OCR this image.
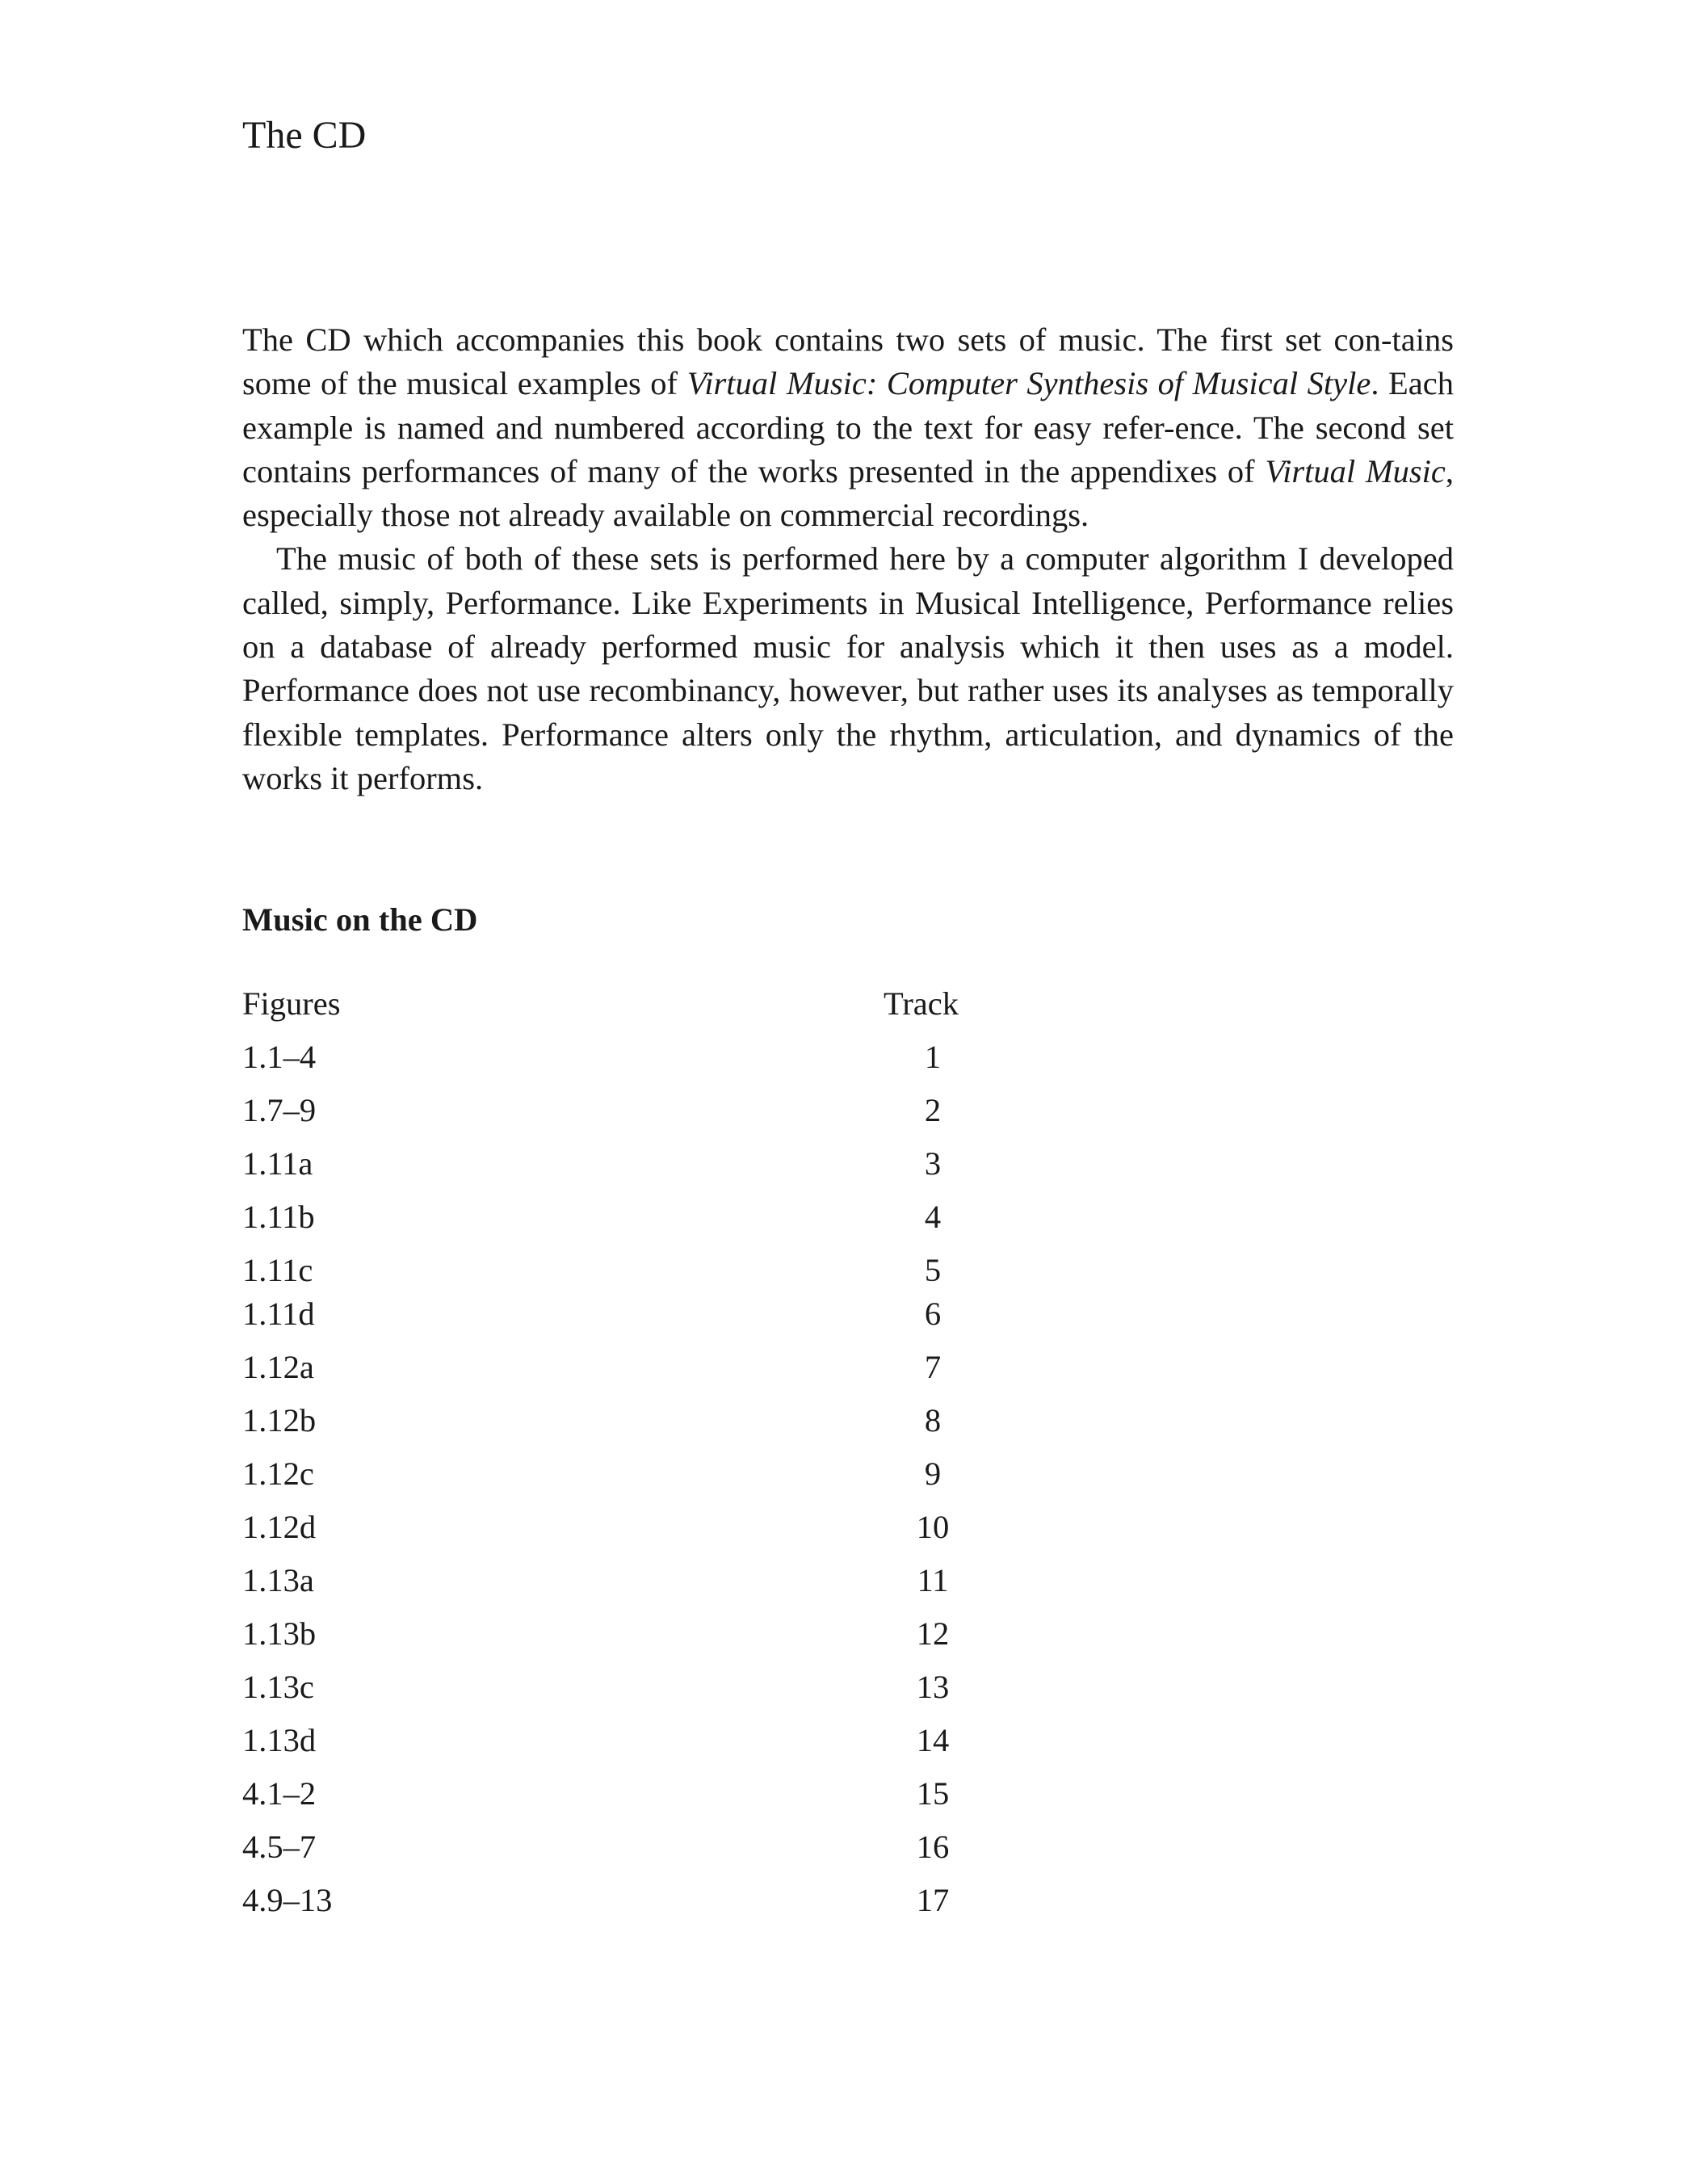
The CD

The CD which accompanies this book contains two sets of music. The first set con-tains some of the musical examples of Virtual Music: Computer Synthesis of Musical Style. Each example is named and numbered according to the text for easy refer-ence. The second set contains performances of many of the works presented in the appendixes of Virtual Music, especially those not already available on commercial recordings.

The music of both of these sets is performed here by a computer algorithm I developed called, simply, Performance. Like Experiments in Musical Intelligence, Performance relies on a database of already performed music for analysis which it then uses as a model. Performance does not use recombinancy, however, but rather uses its analyses as temporally flexible templates. Performance alters only the rhythm, articulation, and dynamics of the works it performs.

Music on the CD
Figures	Track
1.1–4	1
1.7–9	2
1.11a	3
1.11b	4
1.11c	5
1.11d	6
1.12a	7
1.12b	8
1.12c	9
1.12d	10
1.13a	11
1.13b	12
1.13c	13
1.13d	14
4.1–2	15
4.5–7	16
4.9–13	17
